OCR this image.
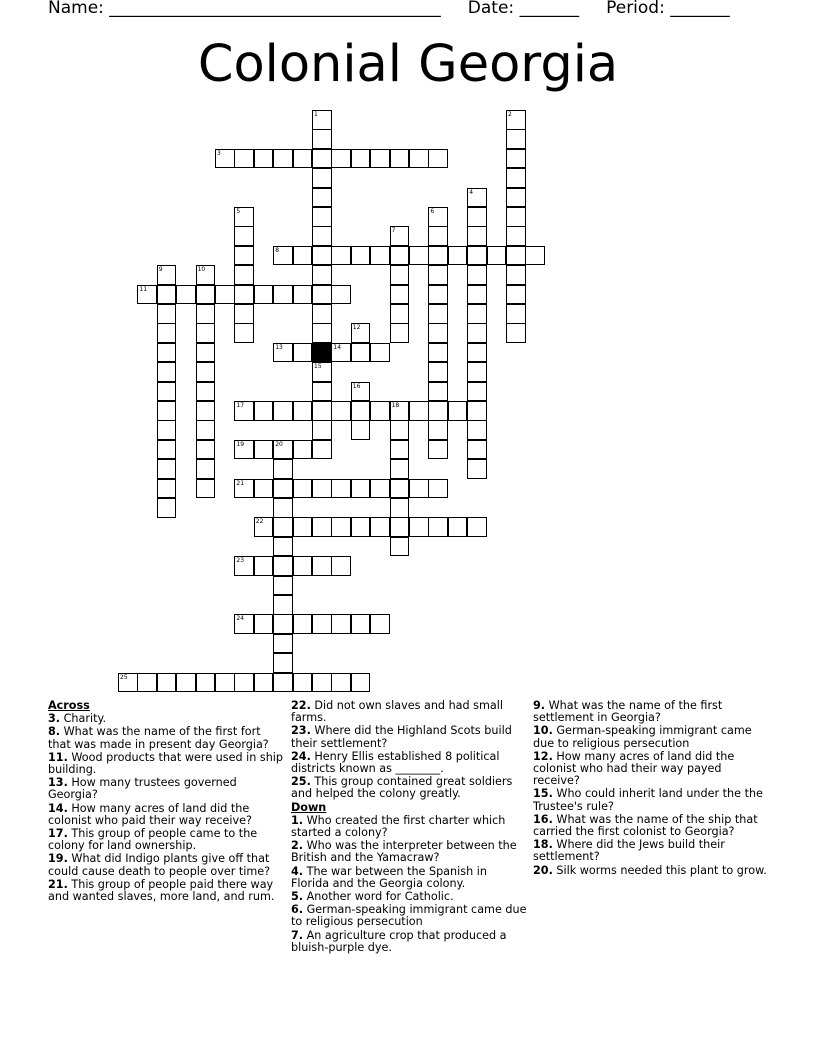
Name: _______________________________________     Date: _______     Period: _______
Colonial Georgia
1
15
2
4
5	6
7
9	10
12
16
18
20
3
8
11
13	14
17
19
21
22
23
24
25
Across
3. Charity.
8. What was the name of the first fort that was made in present day Georgia?
11. Wood products that were used in ship building.
13. How many trustees governed Georgia?
14. How many acres of land did the colonist who paid their way receive?
17. This group of people came to the colony for land ownership.
19. What did Indigo plants give off that could cause death to people over time?
21. This group of people paid there way and wanted slaves, more land, and rum.
22. Did not own slaves and had small farms.
23. Where did the Highland Scots build their settlement?
24. Henry Ellis established 8 political districts known as ________.
25. This group contained great soldiers and helped the colony greatly.
Down
1. Who created the first charter which started a colony?
2. Who was the interpreter between the British and the Yamacraw?
4. The war between the Spanish in Florida and the Georgia colony.
5. Another word for Catholic.
6. German-speaking immigrant came due to religious persecution
7. An agriculture crop that produced a bluish-purple dye.
9. What was the name of the first settlement in Georgia?
10. German-speaking immigrant came due to religious persecution
12. How many acres of land did the colonist who had their way payed receive?
15. Who could inherit land under the the Trustee's rule?
16. What was the name of the ship that carried the first colonist to Georgia?
18. Where did the Jews build their settlement?
20. Silk worms needed this plant to grow.
